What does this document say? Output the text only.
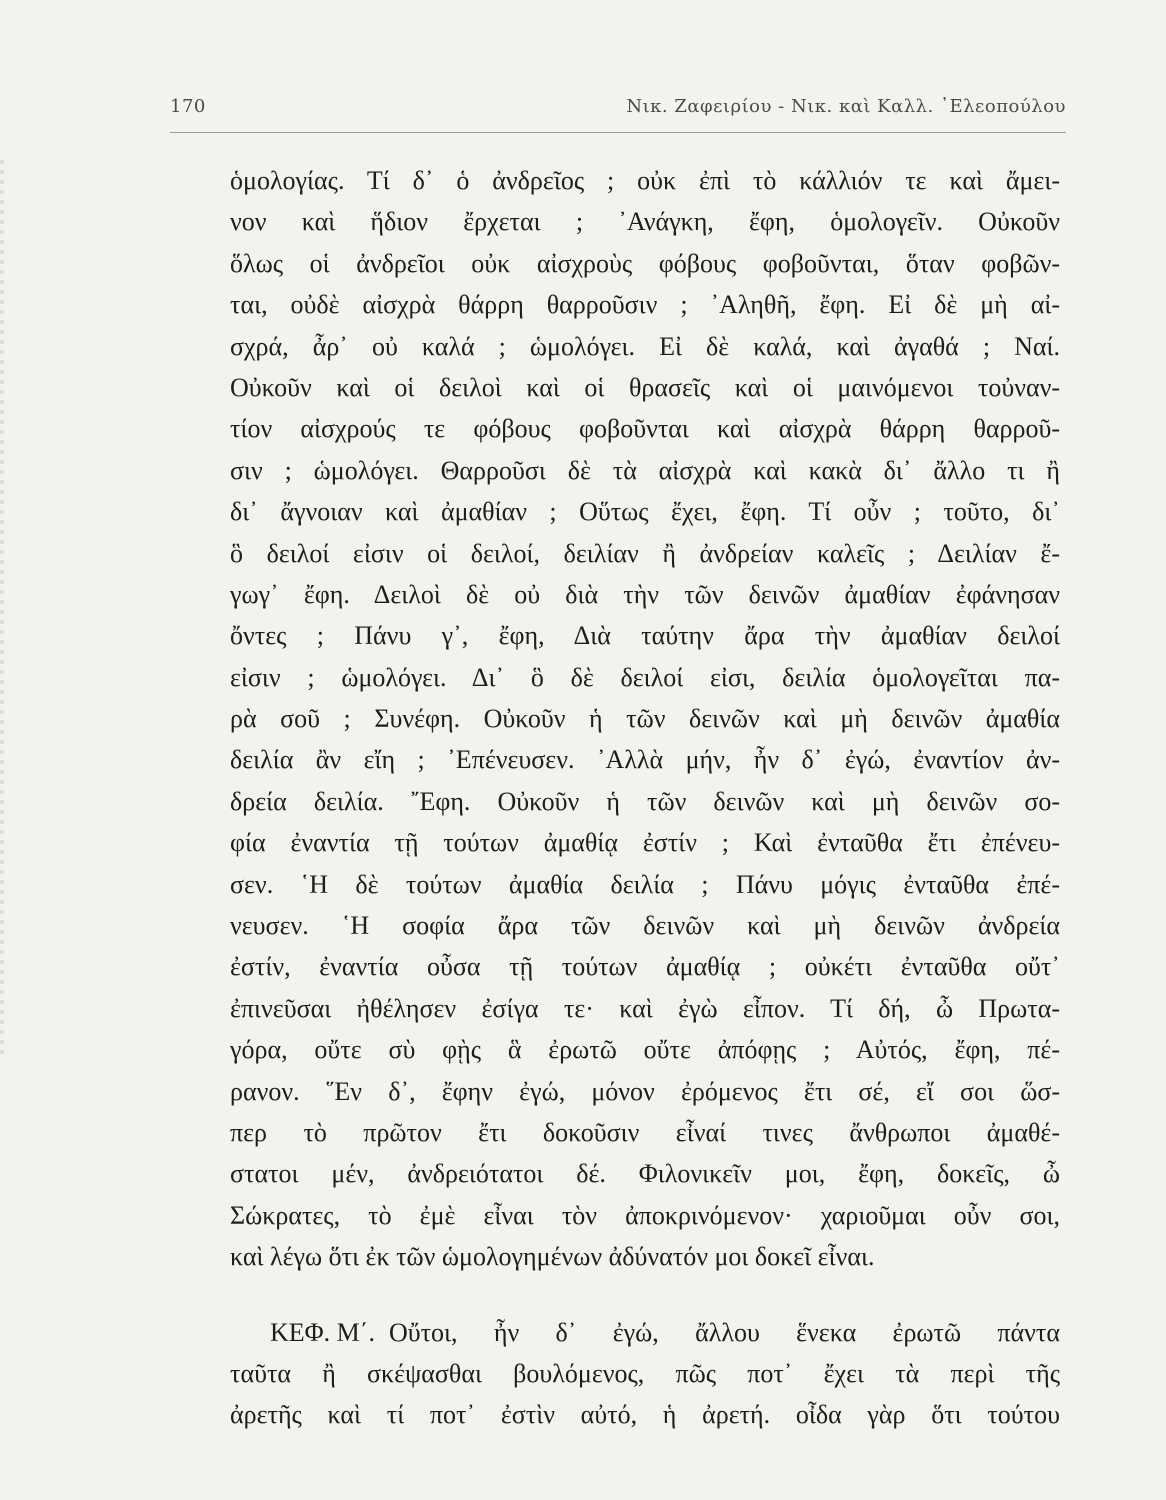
170	Νικ. Ζαφειρίου - Νικ. καὶ Καλλ. ᾿Ελεοπούλου
ὁμολογίας. Τί δ᾽ ὁ ἀνδρεῖος ; οὐκ ἐπὶ τὸ κάλλιόν τε καὶ ἄμει-
νον καὶ ἥδιον ἔρχεται ; ᾿Ανάγκη, ἔφη, ὁμολογεῖν. Οὐκοῦν
ὅλως οἱ ἀνδρεῖοι οὐκ αἰσχροὺς φόβους φοβοῦνται, ὅταν φοβῶν-
ται, οὐδὲ αἰσχρὰ θάρρη θαρροῦσιν ; ᾿Αληθῆ, ἔφη. Εἰ δὲ μὴ αἰ-
σχρά, ἆρ᾽ οὐ καλά ; ὡμολόγει. Εἰ δὲ καλά, καὶ ἀγαθά ; Ναί.
Οὐκοῦν καὶ οἱ δειλοὶ καὶ οἱ θρασεῖς καὶ οἱ μαινόμενοι τοὐναν-
τίον αἰσχρούς τε φόβους φοβοῦνται καὶ αἰσχρὰ θάρρη θαρροῦ-
σιν ; ὡμολόγει. Θαρροῦσι δὲ τὰ αἰσχρὰ καὶ κακὰ δι᾽ ἄλλο τι ἢ
δι᾽ ἄγνοιαν καὶ ἀμαθίαν ; Οὕτως ἔχει, ἔφη. Τί οὖν ; τοῦτο, δι᾽
ὃ δειλοί εἰσιν οἱ δειλοί, δειλίαν ἢ ἀνδρείαν καλεῖς ; Δειλίαν ἔ-
γωγ᾽ ἔφη. Δειλοὶ δὲ οὐ διὰ τὴν τῶν δεινῶν ἀμαθίαν ἐφάνησαν
ὄντες ; Πάνυ γ᾽, ἔφη, Διὰ ταύτην ἄρα τὴν ἀμαθίαν δειλοί
εἰσιν ; ὡμολόγει. Δι᾽ ὃ δὲ δειλοί εἰσι, δειλία ὁμολογεῖται πα-
ρὰ σοῦ ; Συνέφη. Οὐκοῦν ἡ τῶν δεινῶν καὶ μὴ δεινῶν ἀμαθία
δειλία ἂν εἴη ; ᾿Επένευσεν. ᾿Αλλὰ μήν, ἦν δ᾽ ἐγώ, ἐναντίον ἀν-
δρεία δειλία. ῎Εφη. Οὐκοῦν ἡ τῶν δεινῶν καὶ μὴ δεινῶν σο-
φία ἐναντία τῇ τούτων ἀμαθίᾳ ἐστίν ; Καὶ ἐνταῦθα ἔτι ἐπένευ-
σεν. ῾Η δὲ τούτων ἀμαθία δειλία ; Πάνυ μόγις ἐνταῦθα ἐπέ-
νευσεν. ῾Η σοφία ἄρα τῶν δεινῶν καὶ μὴ δεινῶν ἀνδρεία
ἐστίν, ἐναντία οὖσα τῇ τούτων ἀμαθίᾳ ; οὐκέτι ἐνταῦθα οὔτ᾽
ἐπινεῦσαι ἠθέλησεν ἐσίγα τε· καὶ ἐγὼ εἶπον. Τί δή, ὦ Πρωτα-
γόρα, οὔτε σὺ φῂς ἃ ἐρωτῶ οὔτε ἀπόφῃς ; Αὐτός, ἔφη, πέ-
ρανον. ῞Εν δ᾽, ἔφην ἐγώ, μόνον ἐρόμενος ἔτι σέ, εἴ σοι ὥσ-
περ τὸ πρῶτον ἔτι δοκοῦσιν εἶναί τινες ἄνθρωποι ἀμαθέ-
στατοι μέν, ἀνδρειότατοι δέ. Φιλονικεῖν μοι, ἔφη, δοκεῖς, ὦ
Σώκρατες, τὸ ἐμὲ εἶναι τὸν ἀποκρινόμενον· χαριοῦμαι οὖν σοι,
καὶ λέγω ὅτι ἐκ τῶν ὡμολογημένων ἀδύνατόν μοι δοκεῖ εἶναι.
ΚΕΦ. Μ΄. Οὔτοι, ἦν δ᾽ ἐγώ, ἄλλου ἕνεκα ἐρωτῶ πάντα
ταῦτα ἢ σκέψασθαι βουλόμενος, πῶς ποτ᾽ ἔχει τὰ περὶ τῆς
ἀρετῆς καὶ τί ποτ᾽ ἐστὶν αὐτό, ἡ ἀρετή. οἶδα γὰρ ὅτι τούτου
